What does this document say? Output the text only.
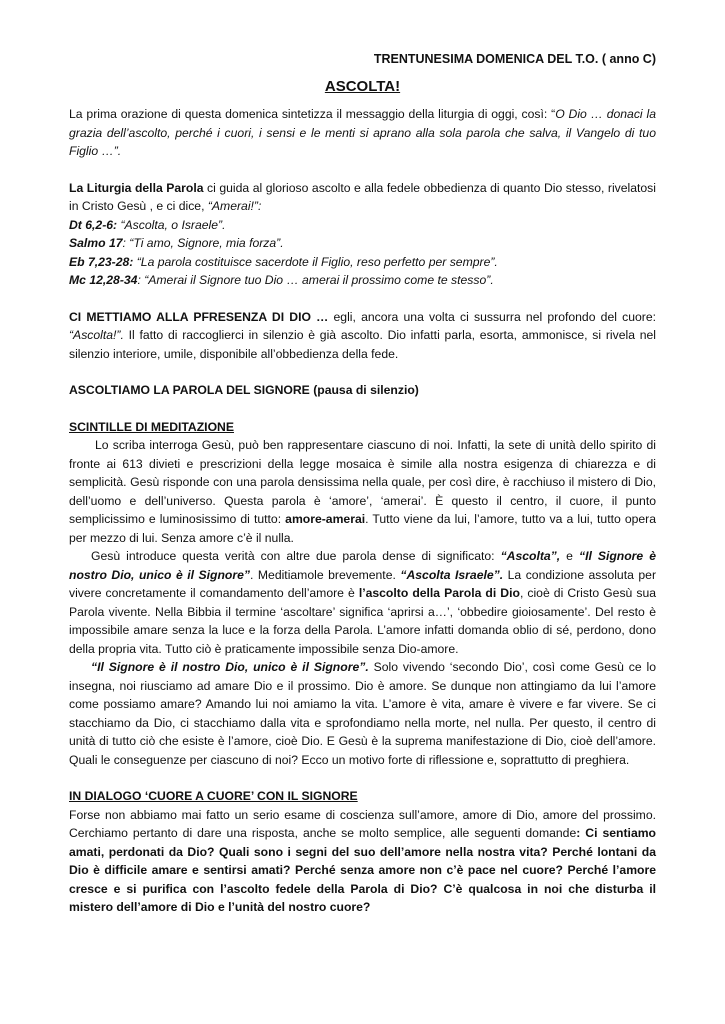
TRENTUNESIMA DOMENICA DEL T.O. ( anno C)
ASCOLTA!

La prima orazione di questa domenica sintetizza il messaggio della liturgia di oggi, così: “O Dio … donaci la grazia dell’ascolto, perché i cuori, i sensi e le menti si aprano alla sola parola che salva, il Vangelo di tuo Figlio …”.

La Liturgia della Parola ci guida al glorioso ascolto e alla fedele obbedienza di quanto Dio stesso, rivelatosi in Cristo Gesù , e ci dice, “Amerai!”:

Dt 6,2-6: “Ascolta, o Israele”.

Salmo 17: “Ti amo, Signore, mia forza”.

Eb 7,23-28: “La parola costituisce sacerdote il Figlio, reso perfetto per sempre”.

Mc 12,28-34: “Amerai il Signore tuo Dio … amerai il prossimo come te stesso”.

CI METTIAMO ALLA PFRESENZA DI DIO … egli, ancora una volta ci sussurra nel profondo del cuore: “Ascolta!”. Il fatto di raccoglierci in silenzio è già ascolto. Dio infatti parla, esorta, ammonisce, si rivela nel silenzio interiore, umile, disponibile all’obbedienza della fede.

ASCOLTIAMO LA PAROLA DEL SIGNORE (pausa di silenzio)
SCINTILLE DI MEDITAZIONE

Lo scriba interroga Gesù, può ben rappresentare ciascuno di noi. Infatti, la sete di unità dello spirito di fronte ai 613 divieti e prescrizioni della legge mosaica è simile alla nostra esigenza di chiarezza e di semplicità. Gesù risponde con una parola densissima nella quale, per così dire, è racchiuso il mistero di Dio, dell’uomo e dell’universo. Questa parola è ‘amore’, ‘amerai’. È questo il centro, il cuore, il punto semplicissimo e luminosissimo di tutto: amore-amerai. Tutto viene da lui, l’amore, tutto va a lui, tutto opera per mezzo di lui. Senza amore c’è il nulla.

Gesù introduce questa verità con altre due parola dense di significato: “Ascolta”, e “Il Signore è nostro Dio, unico è il Signore”. Meditiamole brevemente. “Ascolta Israele”. La condizione assoluta per vivere concretamente il comandamento dell’amore è l’ascolto della Parola di Dio, cioè di Cristo Gesù sua Parola vivente. Nella Bibbia il termine ‘ascoltare’ significa ‘aprirsi a…’, ‘obbedire gioiosamente’. Del resto è impossibile amare senza la luce e la forza della Parola. L’amore infatti domanda oblio di sé, perdono, dono della propria vita. Tutto ciò è praticamente impossibile senza Dio-amore.

“Il Signore è il nostro Dio, unico è il Signore”. Solo vivendo ‘secondo Dio’, così come Gesù ce lo insegna, noi riusciamo ad amare Dio e il prossimo. Dio è amore. Se dunque non attingiamo da lui l’amore come possiamo amare? Amando lui noi amiamo la vita. L’amore è vita, amare è vivere e far vivere. Se ci stacchiamo da Dio, ci stacchiamo dalla vita e sprofondiamo nella morte, nel nulla. Per questo, il centro di unità di tutto ciò che esiste è l’amore, cioè Dio. E Gesù è la suprema manifestazione di Dio, cioè dell’amore. Quali le conseguenze per ciascuno di noi? Ecco un motivo forte di riflessione e, soprattutto di preghiera.

IN DIALOGO ‘CUORE A CUORE’ CON IL SIGNORE

Forse non abbiamo mai fatto un serio esame di coscienza sull’amore, amore di Dio, amore del prossimo. Cerchiamo pertanto di dare una risposta, anche se molto semplice, alle seguenti domande: Ci sentiamo amati, perdonati da Dio? Quali sono i segni del suo dell’amore nella nostra vita? Perché lontani da Dio è difficile amare e sentirsi amati? Perché senza amore non c’è pace nel cuore? Perché l’amore cresce e si purifica con l’ascolto fedele della Parola di Dio? C’è qualcosa in noi che disturba il mistero dell’amore di Dio e l’unità del nostro cuore?
